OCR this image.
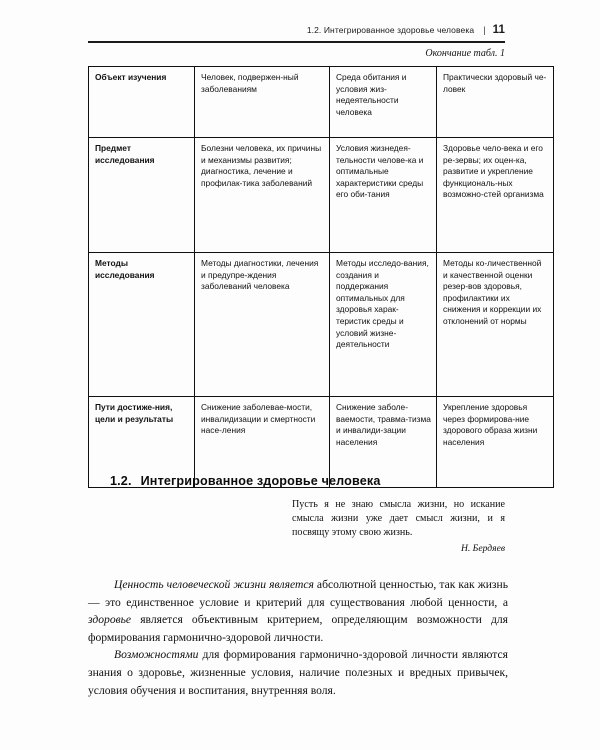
1.2. Интегрированное здоровье человека | 11
Окончание табл. 1
Объект изучения	Человек, подвержен-ный заболеваниям	Среда обитания и условия жиз-недеятельности человека	Практически здоровый че-ловек
Предмет исследования	Болезни человека, их причины и механизмы развития; диагностика, лечение и профилак-тика заболеваний	Условия жизнедея-тельности челове-ка и оптимальные характеристики среды его оби-тания	Здоровье чело-века и его ре-зервы; их оцен-ка, развитие и укрепление функциональ-ных возможно-стей организма
Методы исследования	Методы диагностики, лечения и предупре-ждения заболеваний человека	Методы исследо-вания, создания и поддержания оптимальных для здоровья харак-теристик среды и условий жизне-деятельности	Методы ко-личественной и качественной оценки резер-вов здоровья, профилактики их снижения и коррекции их отклонений от нормы
Пути достиже-ния, цели и результаты	Снижение заболевае-мости, инвалидизации и смертности насе-ления	Снижение заболе-ваемости, травма-тизма и инвалиди-зации населения	Укрепление здоровья через формирова-ние здорового образа жизни населения
1.2. Интегрированное здоровье человека
Пусть я не знаю смысла жизни, но искание смысла жизни уже дает смысл жизни, и я посвящу этому свою жизнь.
Н. Бердяев

Ценность человеческой жизни является абсолютной ценностью, так как жизнь — это единственное условие и критерий для существования любой ценности, а здоровье является объективным критерием, определяющим возможности для формирования гармонично-здоровой личности.

Возможностями для формирования гармонично-здоровой личности являются знания о здоровье, жизненные условия, наличие полезных и вредных привычек, условия обучения и воспитания, внутренняя воля.
